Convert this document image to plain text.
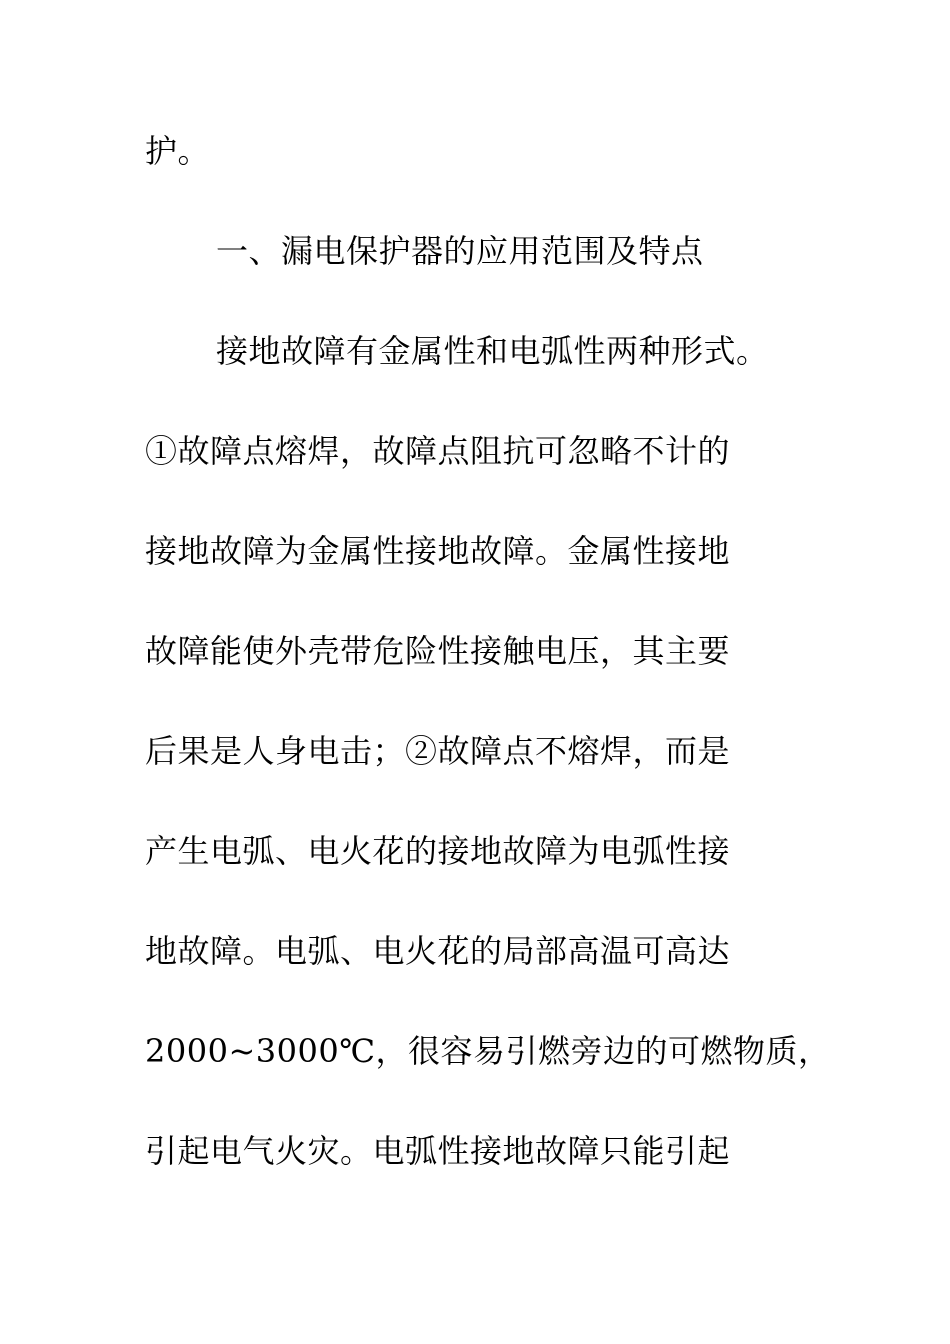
护。

一、漏电保护器的应用范围及特点

接地故障有金属性和电弧性两种形式。

①故障点熔焊，故障点阻抗可忽略不计的

接地故障为金属性接地故障。金属性接地

故障能使外壳带危险性接触电压，其主要

后果是人身电击；②故障点不熔焊，而是

产生电弧、电火花的接地故障为电弧性接

地故障。电弧、电火花的局部高温可高达

2000~3000℃，很容易引燃旁边的可燃物质，

引起电气火灾。电弧性接地故障只能引起
